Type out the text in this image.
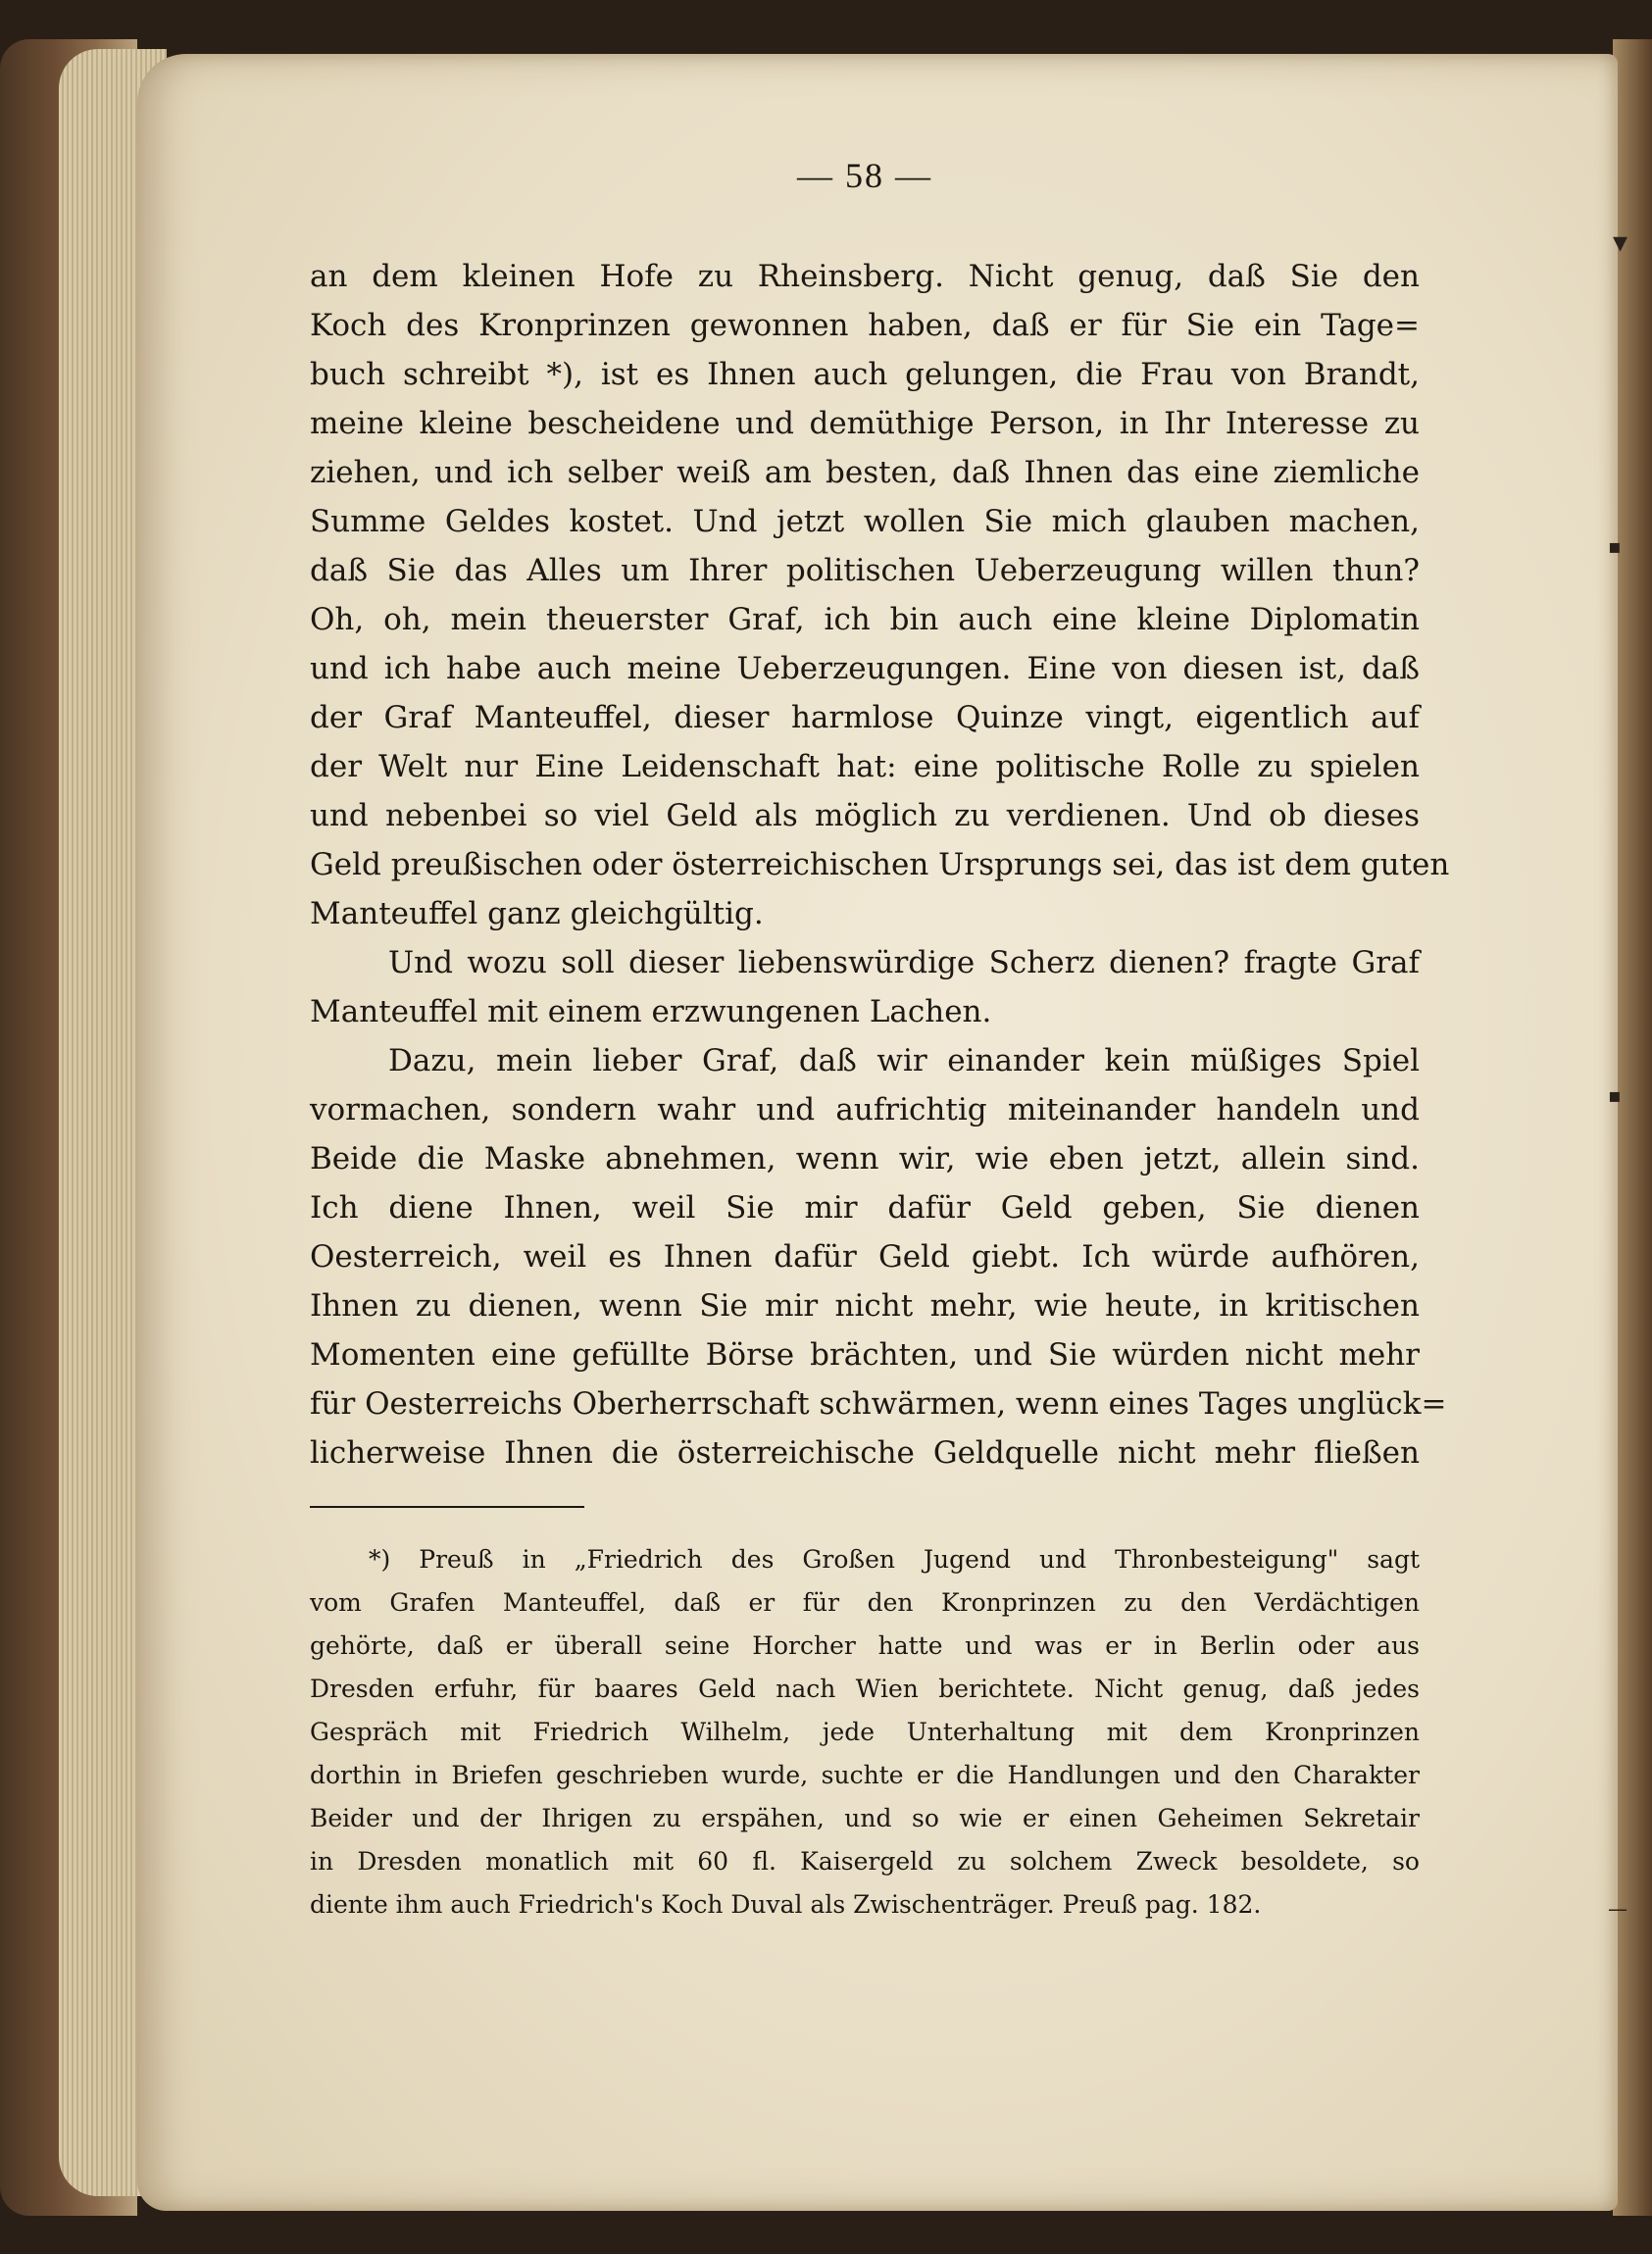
▾
▪
▪
—
— 58 —
an dem kleinen Hofe zu Rheinsberg. Nicht genug, daß Sie den
Koch des Kronprinzen gewonnen haben, daß er für Sie ein Tage=
buch schreibt *), ist es Ihnen auch gelungen, die Frau von Brandt,
meine kleine bescheidene und demüthige Person, in Ihr Interesse zu
ziehen, und ich selber weiß am besten, daß Ihnen das eine ziemliche
Summe Geldes kostet. Und jetzt wollen Sie mich glauben machen,
daß Sie das Alles um Ihrer politischen Ueberzeugung willen thun?
Oh, oh, mein theuerster Graf, ich bin auch eine kleine Diplomatin
und ich habe auch meine Ueberzeugungen. Eine von diesen ist, daß
der Graf Manteuffel, dieser harmlose Quinze vingt, eigentlich auf
der Welt nur Eine Leidenschaft hat: eine politische Rolle zu spielen
und nebenbei so viel Geld als möglich zu verdienen. Und ob dieses
Geld preußischen oder österreichischen Ursprungs sei, das ist dem guten
Manteuffel ganz gleichgültig.
Und wozu soll dieser liebenswürdige Scherz dienen? fragte Graf
Manteuffel mit einem erzwungenen Lachen.
Dazu, mein lieber Graf, daß wir einander kein müßiges Spiel
vormachen, sondern wahr und aufrichtig miteinander handeln und
Beide die Maske abnehmen, wenn wir, wie eben jetzt, allein sind.
Ich diene Ihnen, weil Sie mir dafür Geld geben, Sie dienen
Oesterreich, weil es Ihnen dafür Geld giebt. Ich würde aufhören,
Ihnen zu dienen, wenn Sie mir nicht mehr, wie heute, in kritischen
Momenten eine gefüllte Börse brächten, und Sie würden nicht mehr
für Oesterreichs Oberherrschaft schwärmen, wenn eines Tages unglück=
licherweise Ihnen die österreichische Geldquelle nicht mehr fließen
*) Preuß in „Friedrich des Großen Jugend und Thronbesteigung" sagt
vom Grafen Manteuffel, daß er für den Kronprinzen zu den Verdächtigen
gehörte, daß er überall seine Horcher hatte und was er in Berlin oder aus
Dresden erfuhr, für baares Geld nach Wien berichtete. Nicht genug, daß jedes
Gespräch mit Friedrich Wilhelm, jede Unterhaltung mit dem Kronprinzen
dorthin in Briefen geschrieben wurde, suchte er die Handlungen und den Charakter
Beider und der Ihrigen zu erspähen, und so wie er einen Geheimen Sekretair
in Dresden monatlich mit 60 fl. Kaisergeld zu solchem Zweck besoldete, so
diente ihm auch Friedrich's Koch Duval als Zwischenträger. Preuß pag. 182.
